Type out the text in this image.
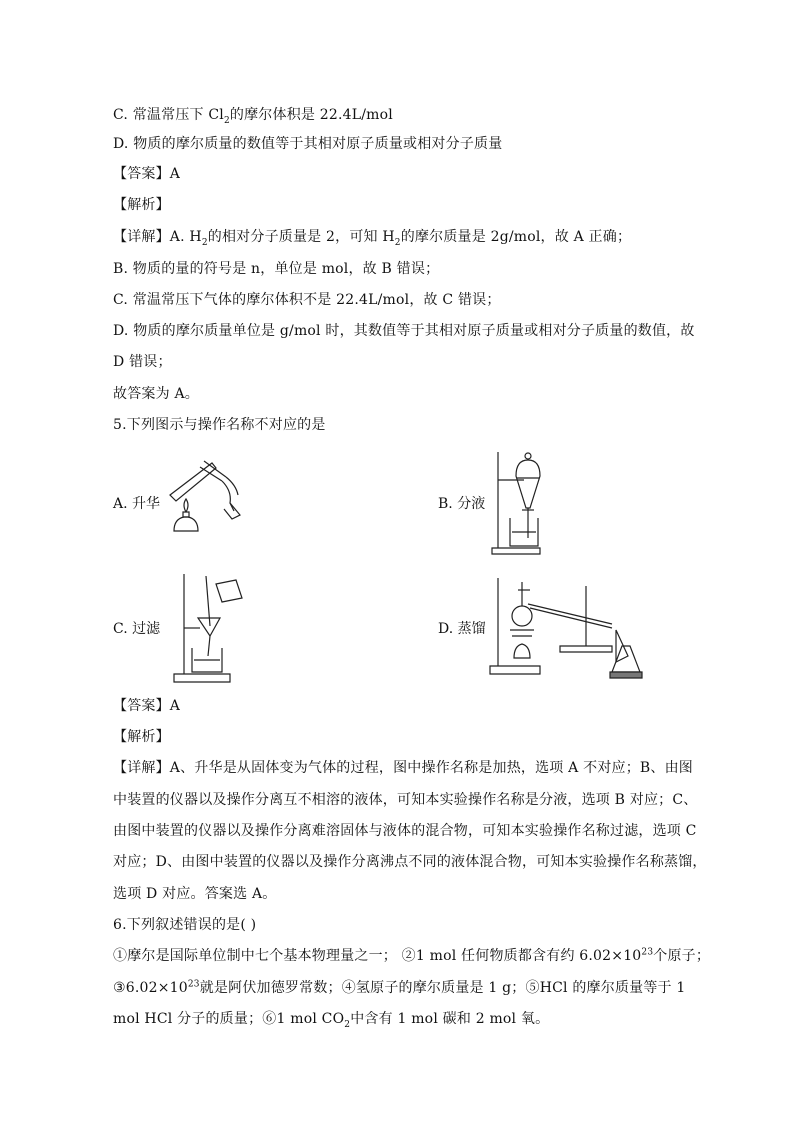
C. 常温常压下 $Cl_2$的摩尔体积是 22.4L/mol
D. 物质的摩尔质量的数值等于其相对原子质量或相对分子质量
【答案】A
【解析】
【详解】A. $H_2$的相对分子质量是 2，可知 $H_2$的摩尔质量是 2g/mol，故 A 正确；
B. 物质的量的符号是 n，单位是 mol，故 B 错误；
C. 常温常压下气体的摩尔体积不是 22.4L/mol，故 C 错误；
D. 物质的摩尔质量单位是 g/mol 时，其数值等于其相对原子质量或相对分子质量的数值，故
D 错误；
故答案为 A。
5.下列图示与操作名称不对应的是
A. 升华	B. 分液
C. 过滤	D. 蒸馏
【答案】A
【解析】
【详解】A、升华是从固体变为气体的过程，图中操作名称是加热，选项 A 不对应；B、由图
中装置的仪器以及操作分离互不相溶的液体，可知本实验操作名称是分液，选项 B 对应；C、
由图中装置的仪器以及操作分离难溶固体与液体的混合物，可知本实验操作名称过滤，选项 C
对应；D、由图中装置的仪器以及操作分离沸点不同的液体混合物，可知本实验操作名称蒸馏，
选项 D 对应。答案选 A。
6.下列叙述错误的是( )
①摩尔是国际单位制中七个基本物理量之一； ②1 mol 任何物质都含有约 $6.02\times 10^{23}$个原子；
$③6.02\times 10^{23}$就是阿伏加德罗常数；④氢原子的摩尔质量是 1 g；⑤HCl 的摩尔质量等于 1
mol HCl 分子的质量；⑥1 mol $CO_2$中含有 1 mol 碳和 2 mol 氧。
